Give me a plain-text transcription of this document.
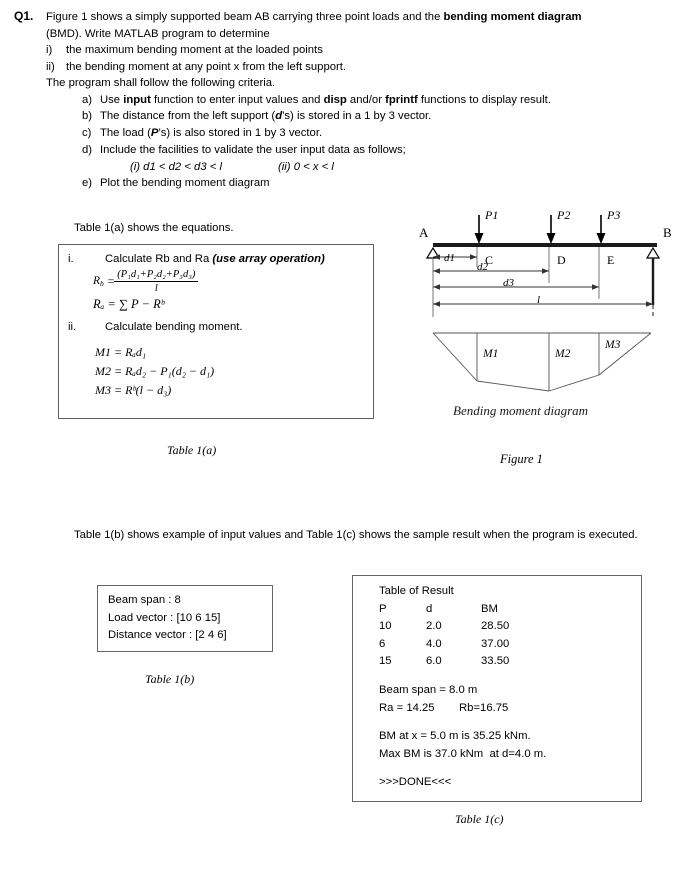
Q1.	Figure 1 shows a simply supported beam AB carrying three point loads and the bending moment diagram
(BMD). Write MATLAB program to determine
i)	the maximum bending moment at the loaded points
ii) the bending moment at any point x from the left support.
The program shall follow the following criteria.
a) Use input function to enter input values and disp and/or fprintf functions to display result.
b) The distance from the left support (d’s) is stored in a 1 by 3 vector.
c) The load (P’s) is also stored in 1 by 3 vector.
d) Include the facilities to validate the user input data as follows;
(i) d1 < d2 < d3 < l	(ii) 0 < x < l
e) Plot the bending moment diagram
Table 1(a) shows the equations.
i.	Calculate Rb and Ra (use array operation)
$R_b = \frac{\text{(P₁d₁+P₂d₂+P₃d₃)}}{l}$
Rₐ = ∑ P − Rᵇ
ii.	Calculate bending moment.
M1 = Rₐd₁
M2 = Rₐd₂ − P₁(d₂ − d₁)
M3 = Rᵇ(l − d₃)
Table 1(a)
P1	P2	P3
A	B
C	D	E
d1
d2
d3
l
M1	M2
M3
Bending moment diagram
Figure 1
Table 1(b) shows example of input values and Table 1(c) shows the sample result when the program is executed.
Beam span : 8
Load vector : [10 6 15]
Distance vector : [2 4 6]
Table 1(b)
Table of Result
P	d	BM
10	2.0	28.50
6	4.0	37.00
15	6.0	33.50
Beam span = 8.0 m
Ra = 14.25	Rb=16.75
BM at x = 5.0 m is 35.25 kNm.
Max BM is 37.0 kNm  at d=4.0 m.
>>>DONE<<<
Table 1(c)
